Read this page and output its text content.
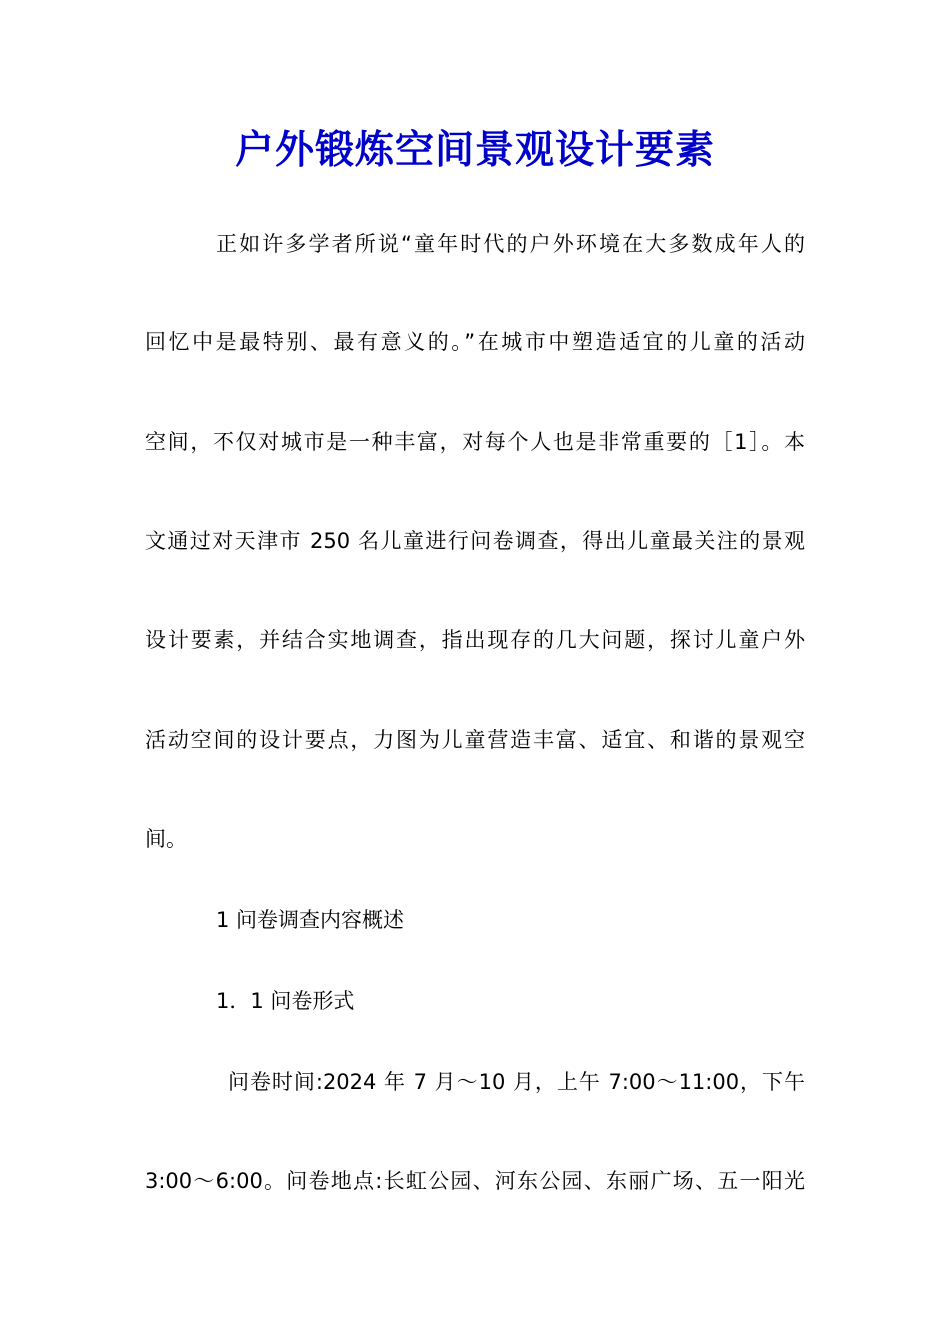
户外锻炼空间景观设计要素

正如许多学者所说“童年时代的户外环境在大多数成年人的

回忆中是最特别、最有意义的。”在城市中塑造适宜的儿童的活动

空间，不仅对城市是一种丰富，对每个人也是非常重要的［1］。本

文通过对天津市 250 名儿童进行问卷调查，得出儿童最关注的景观

设计要素，并结合实地调查，指出现存的几大问题，探讨儿童户外

活动空间的设计要点，力图为儿童营造丰富、适宜、和谐的景观空

间。

1 问卷调查内容概述

1．1 问卷形式

问卷时间:2024 年 7 月～10 月，上午 7:00～11:00，下午

3:00～6:00。问卷地点:长虹公园、河东公园、东丽广场、五一阳光
